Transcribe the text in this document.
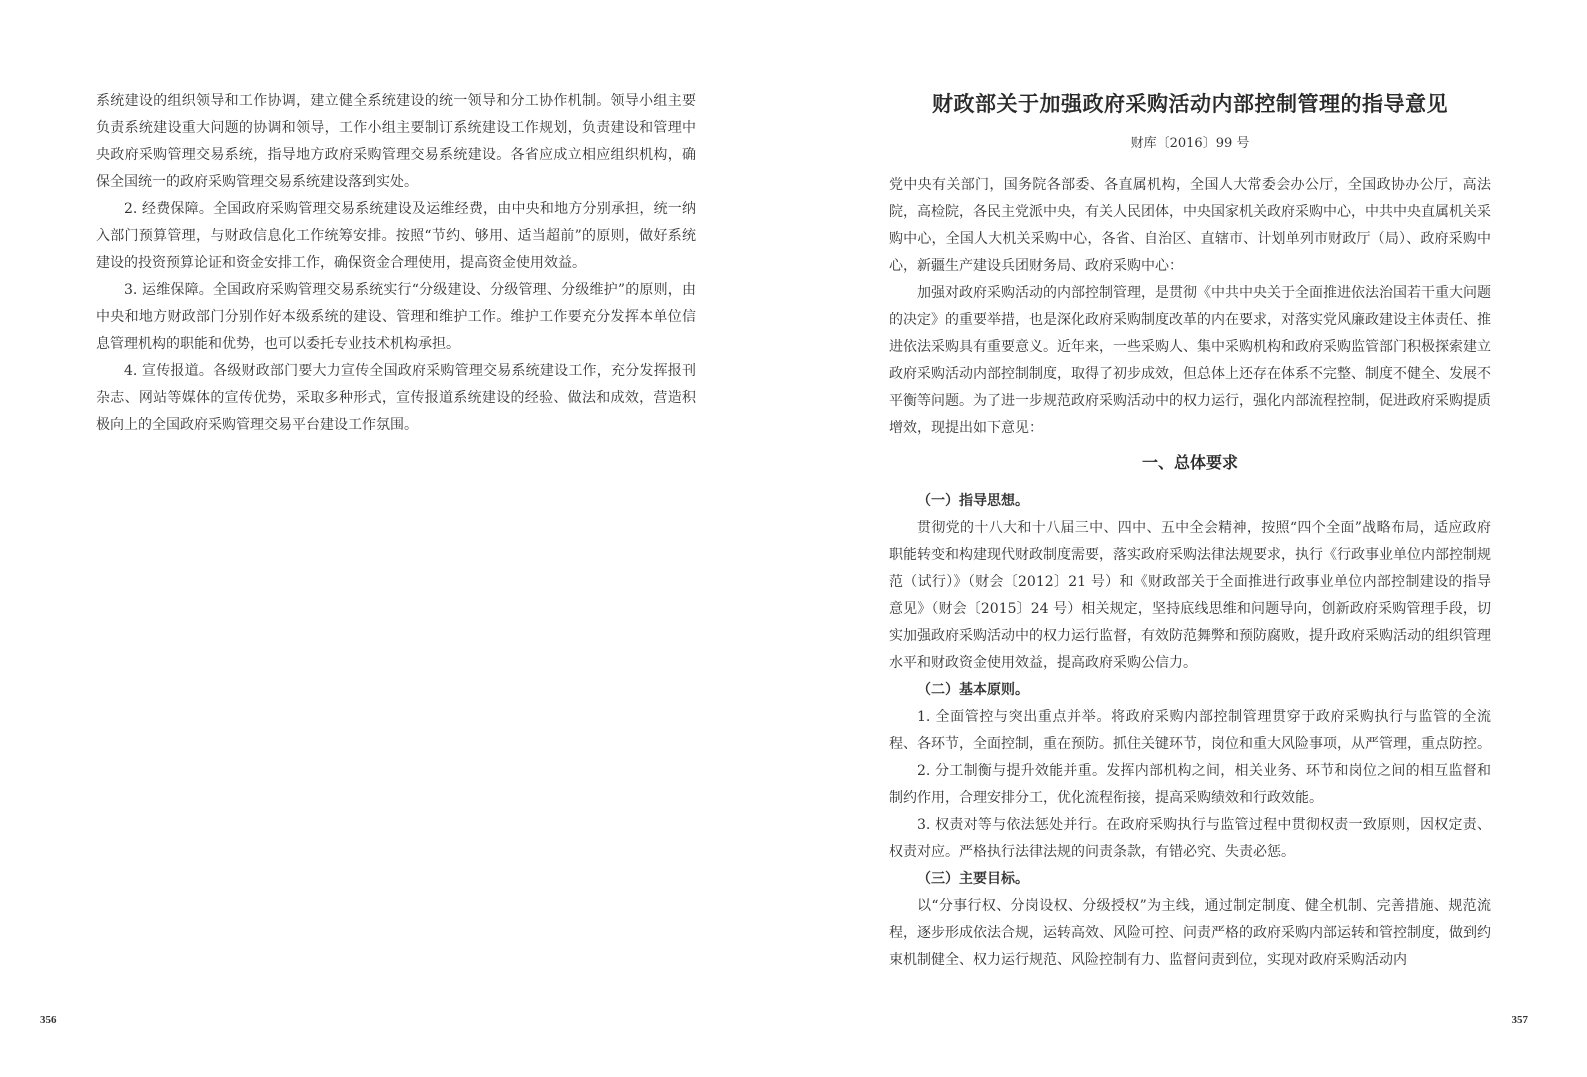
系统建设的组织领导和工作协调，建立健全系统建设的统一领导和分工协作机制。领导小组主要负责系统建设重大问题的协调和领导，工作小组主要制订系统建设工作规划，负责建设和管理中央政府采购管理交易系统，指导地方政府采购管理交易系统建设。各省应成立相应组织机构，确保全国统一的政府采购管理交易系统建设落到实处。

2. 经费保障。全国政府采购管理交易系统建设及运维经费，由中央和地方分别承担，统一纳入部门预算管理，与财政信息化工作统筹安排。按照“节约、够用、适当超前”的原则，做好系统建设的投资预算论证和资金安排工作，确保资金合理使用，提高资金使用效益。

3. 运维保障。全国政府采购管理交易系统实行“分级建设、分级管理、分级维护”的原则，由中央和地方财政部门分别作好本级系统的建设、管理和维护工作。维护工作要充分发挥本单位信息管理机构的职能和优势，也可以委托专业技术机构承担。

4. 宣传报道。各级财政部门要大力宣传全国政府采购管理交易系统建设工作，充分发挥报刊杂志、网站等媒体的宣传优势，采取多种形式，宣传报道系统建设的经验、做法和成效，营造积极向上的全国政府采购管理交易平台建设工作氛围。

356
财政部关于加强政府采购活动内部控制管理的指导意见
财库〔2016〕99 号

党中央有关部门，国务院各部委、各直属机构，全国人大常委会办公厅，全国政协办公厅，高法院，高检院，各民主党派中央，有关人民团体，中央国家机关政府采购中心，中共中央直属机关采购中心，全国人大机关采购中心，各省、自治区、直辖市、计划单列市财政厅（局）、政府采购中心，新疆生产建设兵团财务局、政府采购中心：

加强对政府采购活动的内部控制管理，是贯彻《中共中央关于全面推进依法治国若干重大问题的决定》的重要举措，也是深化政府采购制度改革的内在要求，对落实党风廉政建设主体责任、推进依法采购具有重要意义。近年来，一些采购人、集中采购机构和政府采购监管部门积极探索建立政府采购活动内部控制制度，取得了初步成效，但总体上还存在体系不完整、制度不健全、发展不平衡等问题。为了进一步规范政府采购活动中的权力运行，强化内部流程控制，促进政府采购提质增效，现提出如下意见：

一、总体要求

（一）指导思想。

贯彻党的十八大和十八届三中、四中、五中全会精神，按照“四个全面”战略布局，适应政府职能转变和构建现代财政制度需要，落实政府采购法律法规要求，执行《行政事业单位内部控制规范（试行）》（财会〔2012〕21 号）和《财政部关于全面推进行政事业单位内部控制建设的指导意见》（财会〔2015〕24 号）相关规定，坚持底线思维和问题导向，创新政府采购管理手段，切实加强政府采购活动中的权力运行监督，有效防范舞弊和预防腐败，提升政府采购活动的组织管理水平和财政资金使用效益，提高政府采购公信力。

（二）基本原则。

1. 全面管控与突出重点并举。将政府采购内部控制管理贯穿于政府采购执行与监管的全流程、各环节，全面控制，重在预防。抓住关键环节，岗位和重大风险事项，从严管理，重点防控。

2. 分工制衡与提升效能并重。发挥内部机构之间，相关业务、环节和岗位之间的相互监督和制约作用，合理安排分工，优化流程衔接，提高采购绩效和行政效能。

3. 权责对等与依法惩处并行。在政府采购执行与监管过程中贯彻权责一致原则，因权定责、权责对应。严格执行法律法规的问责条款，有错必究、失责必惩。

（三）主要目标。

以“分事行权、分岗设权、分级授权”为主线，通过制定制度、健全机制、完善措施、规范流程，逐步形成依法合规，运转高效、风险可控、问责严格的政府采购内部运转和管控制度，做到约束机制健全、权力运行规范、风险控制有力、监督问责到位，实现对政府采购活动内

357
